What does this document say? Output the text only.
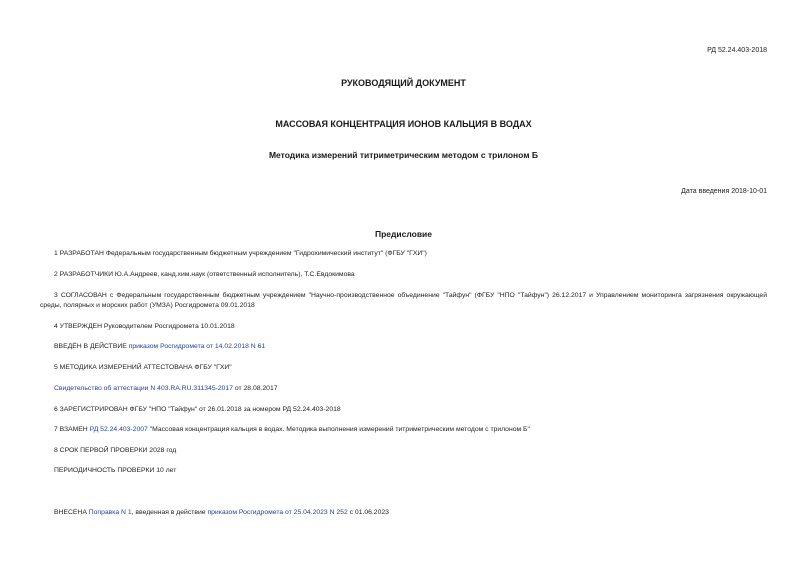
РД 52.24.403-2018
РУКОВОДЯЩИЙ ДОКУМЕНТ
МАССОВАЯ КОНЦЕНТРАЦИЯ ИОНОВ КАЛЬЦИЯ В ВОДАХ
Методика измерений титриметрическим методом с трилоном Б
Дата введения 2018-10-01
Предисловие
1 РАЗРАБОТАН Федеральным государственным бюджетным учреждением "Гидрохимический институт" (ФГБУ "ГХИ")
2 РАЗРАБОТЧИКИ Ю.А.Андреев, канд.хим.наук (ответственный исполнитель), Т.С.Евдокимова
3 СОГЛАСОВАН с Федеральным государственным бюджетным учреждением "Научно-производственное объединение "Тайфун" (ФГБУ "НПО "Тайфун") 26.12.2017 и Управлением мониторинга загрязнения окружающей среды, полярных и морских работ (УМЗА) Росгидромета 09.01.2018
4 УТВЕРЖДЕН Руководителем Росгидромета 10.01.2018
ВВЕДЁН В ДЕЙСТВИЕ приказом Росгидромета от 14.02.2018 N 61
5 МЕТОДИКА ИЗМЕРЕНИЙ АТТЕСТОВАНА ФГБУ "ГХИ"
Свидетельство об аттестации N 403.RA.RU.311345-2017 от 28.08.2017
6 ЗАРЕГИСТРИРОВАН ФГБУ "НПО "Тайфун" от 26.01.2018 за номером РД 52.24.403-2018
7 ВЗАМЕН РД 52.24.403-2007 "Массовая концентрация кальция в водах. Методика выполнения измерений титриметрическим методом с трилоном Б"
8 СРОК ПЕРВОЙ ПРОВЕРКИ 2028 год
ПЕРИОДИЧНОСТЬ ПРОВЕРКИ 10 лет
ВНЕСЕНА Поправка N 1, введенная в действие приказом Росгидромета от 25.04.2023 N 252 с 01.06.2023
